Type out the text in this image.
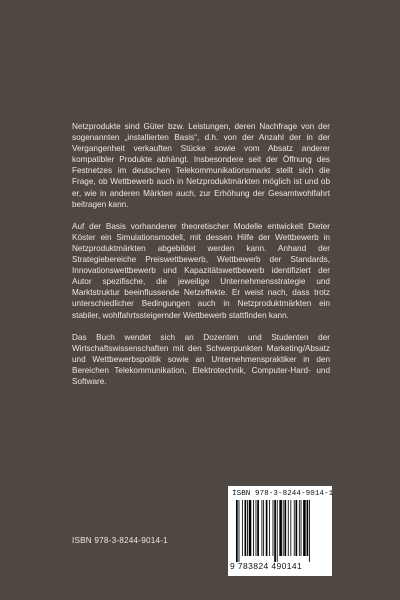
Netzprodukte sind Güter bzw. Leistungen, deren Nachfrage von der sogenannten „installierten Basis“, d.h. von der Anzahl der in der Vergangenheit verkauften Stücke sowie vom Absatz anderer kompatibler Produkte abhängt. Insbesondere seit der Öffnung des Festnetzes im deutschen Telekommunikationsmarkt stellt sich die Frage, ob Wettbewerb auch in Netzproduktmärkten möglich ist und ob er, wie in anderen Märkten auch, zur Erhöhung der Gesamtwohlfahrt beitragen kann.

Auf der Basis vorhandener theoretischer Modelle entwickelt Dieter Köster ein Simulationsmodell, mit dessen Hilfe der Wettbewerb in Netzproduktmärkten abgebildet werden kann. Anhand der Strategiebereiche Preiswettbewerb, Wettbewerb der Standards, Innovationswettbewerb und Kapazitätswettbewerb identifiziert der Autor spezifische, die jeweilige Unternehmensstrategie und Marktstruktur beeinflussende Netzeffekte. Er weist nach, dass trotz unterschiedlicher Bedingungen auch in Netzproduktmärkten ein stabiler, wohlfahrtssteigernder Wettbewerb stattfinden kann.

Das Buch wendet sich an Dozenten und Studenten der Wirtschaftswissenschaften mit den Schwerpunkten Marketing/Absatz und Wettbewerbspolitik sowie an Unternehmenspraktiker in den Bereichen Telekommunikation, Elektrotechnik, Computer-Hard- und Software.

ISBN 978-3-8244-9014-1
ISBN 978-3-8244-9014-1
9 783824 490141
